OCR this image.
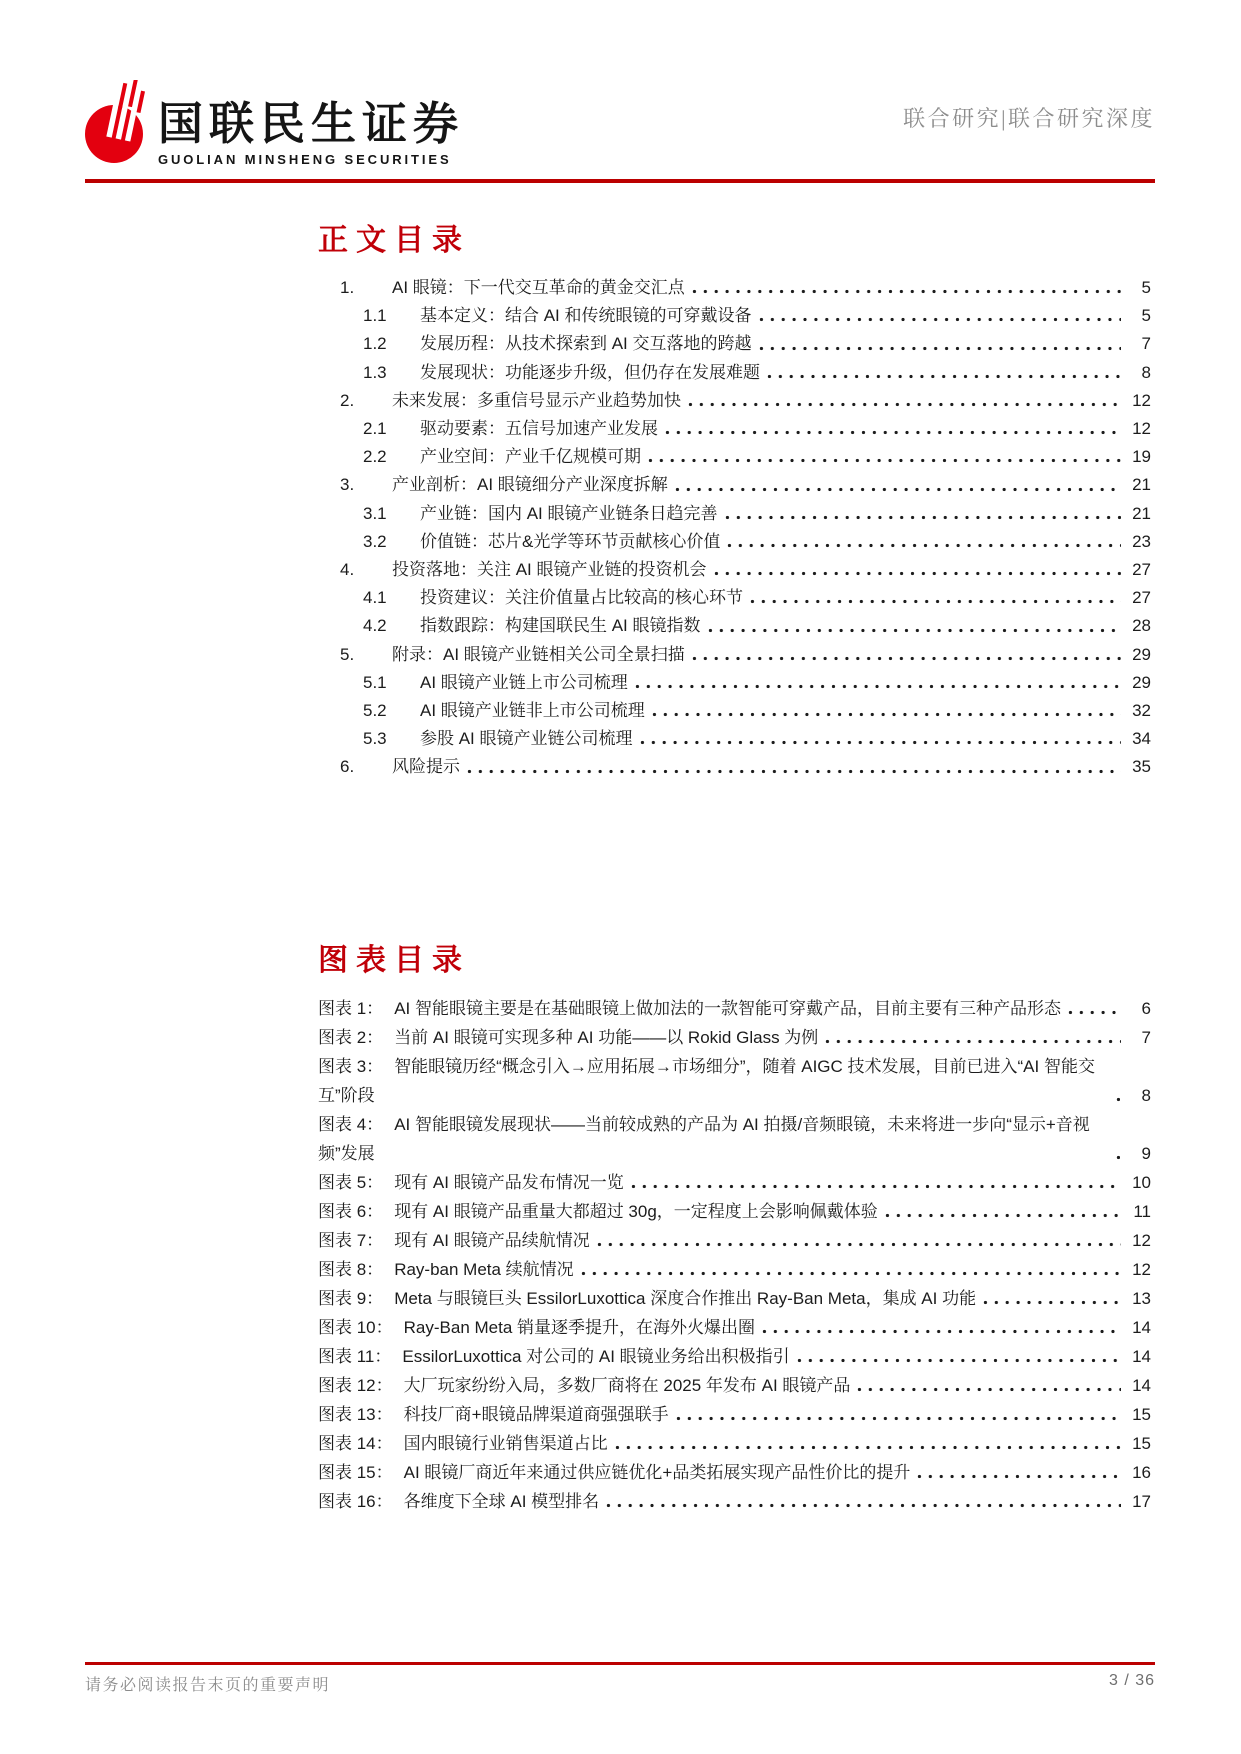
国联民生证券
GUOLIAN MINSHENG SECURITIES
联合研究|联合研究深度
正文目录
1.	AI 眼镜：下一代交互革命的黄金交汇点	5
1.1	基本定义：结合 AI 和传统眼镜的可穿戴设备	5
1.2	发展历程：从技术探索到 AI 交互落地的跨越	7
1.3	发展现状：功能逐步升级，但仍存在发展难题	8
2.	未来发展：多重信号显示产业趋势加快	12
2.1	驱动要素：五信号加速产业发展	12
2.2	产业空间：产业千亿规模可期	19
3.	产业剖析：AI 眼镜细分产业深度拆解	21
3.1	产业链：国内 AI 眼镜产业链条日趋完善	21
3.2	价值链：芯片&光学等环节贡献核心价值	23
4.	投资落地：关注 AI 眼镜产业链的投资机会	27
4.1	投资建议：关注价值量占比较高的核心环节	27
4.2	指数跟踪：构建国联民生 AI 眼镜指数	28
5.	附录：AI 眼镜产业链相关公司全景扫描	29
5.1	AI 眼镜产业链上市公司梳理	29
5.2	AI 眼镜产业链非上市公司梳理	32
5.3	参股 AI 眼镜产业链公司梳理	34
6.	风险提示	35
图表目录
图表 1： AI 智能眼镜主要是在基础眼镜上做加法的一款智能可穿戴产品，目前主要有三种产品形态	6
图表 2： 当前 AI 眼镜可实现多种 AI 功能——以 Rokid Glass 为例	7
图表 3： 智能眼镜历经“概念引入→应用拓展→市场细分”，随着 AIGC 技术发展，目前已进入“AI 智能交互”阶段	8
图表 4： AI 智能眼镜发展现状——当前较成熟的产品为 AI 拍摄/音频眼镜，未来将进一步向“显示+音视频”发展	9
图表 5： 现有 AI 眼镜产品发布情况一览	10
图表 6： 现有 AI 眼镜产品重量大都超过 30g，一定程度上会影响佩戴体验	11
图表 7： 现有 AI 眼镜产品续航情况	12
图表 8： Ray-ban Meta 续航情况	12
图表 9： Meta 与眼镜巨头 EssilorLuxottica 深度合作推出 Ray-Ban Meta，集成 AI 功能	13
图表 10： Ray-Ban Meta 销量逐季提升，在海外火爆出圈	14
图表 11： EssilorLuxottica 对公司的 AI 眼镜业务给出积极指引	14
图表 12： 大厂玩家纷纷入局，多数厂商将在 2025 年发布 AI 眼镜产品	14
图表 13： 科技厂商+眼镜品牌渠道商强强联手	15
图表 14： 国内眼镜行业销售渠道占比	15
图表 15： AI 眼镜厂商近年来通过供应链优化+品类拓展实现产品性价比的提升	16
图表 16： 各维度下全球 AI 模型排名	17
请务必阅读报告末页的重要声明	3 / 36
